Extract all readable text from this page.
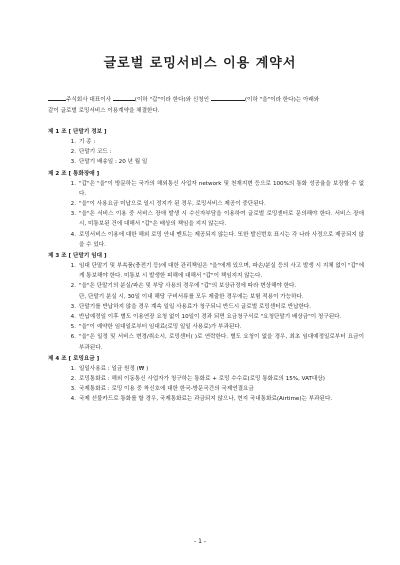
글로벌 로밍서비스 이용 계약서
주식회사 대표이사	(이하 "갑"이라 한다)와 신청인	(이하 "을"이라 한다)는 아래와
같이 글로벌 로밍서비스 이용계약을 체결한다.
제 1 조 [ 단말기 정보 ]
1. 기 종 :
2. 단말기 코드 :
3. 단말기 배송일 : 20 년 월 일
제 2 조 [ 통화장애 ]
1. "갑"은 "을"이 방문하는 국가의 해외통신 사업자 network 및 천재지변 등으로 100%의 통화 성공율을 보장할 수 없다.
2. "을"이 사용요금 미납으로 일시 정지가 된 경우, 로밍서비스 제공이 중단된다.
3. "을"은 서비스 이용 중 서비스 장애 발생 시 수신자부담을 이용하여 글로벌 로밍센터로 문의해야 한다. 서비스 장애 시, 미통보된 건에 대해서 "갑"은 배상의 책임을 지지 않는다.
4. 로밍서비스 이용에 대한 해외 로밍 안내 멘트는 제공되지 않는다. 또한 발신번호 표시는 각 나라 사정으로 제공되지 않을 수 있다.
제 3 조 [ 단말기 임대 ]
1. 임대 단말기 및 부속품(충전기 등)에 대한 관리책임은 "을"에게 있으며, 파손/분실 등의 사고 발생 시 지체 없이 "갑"에게 통보해야 한다. 미통보 시 발생한 피해에 대해서 "갑"이 책임지지 않는다.
2. "을"은 단말기의 분실/파손 및 부당 사용의 경우에 "갑"의 보상규정에 따라 변상해야 한다.
단, 단말기 분실 시, 30일 이내 해당 구비서류를 모두 제출한 경우에는 보험 적용이 가능하다.
3. 단말기를 반납하지 않을 경우 계속 일일 사용료가 청구되니 반드시 글로벌 로밍센터로 반납한다.
4. 반납예정일 이후 별도 이용연장 요청 없이 10일이 경과 되면 요금청구서로 "요청단말기 배상금"이 청구된다.
5. "을"이 예약한 임대일로부터 임대료(로밍 일일 사용료)가 부과된다.
6. "을"은 일정 및 서비스 변경/취소시, 로밍센터( )로 연락한다. 별도 요청이 없을 경우, 최초 임대예정일로부터 요금이 부과된다.
제 4 조 [ 로밍요금 ]
1. 일일사용료 : 일금 원정 (₩ )
2. 로밍통화료 : 해외 이동통신 사업자가 청구하는 통화료 + 로밍 수수료(로밍 통화료의 15%, VAT대상)
3. 국제통화료 : 로밍 이용 중 착신호에 대한 한국-방문국간의 국제연결요금
4. 국제 선불카드로 통화를 할 경우, 국제통화료는 과금되지 않으나, 현지 국내통화료(Airtime)는 부과된다.
- 1 -
